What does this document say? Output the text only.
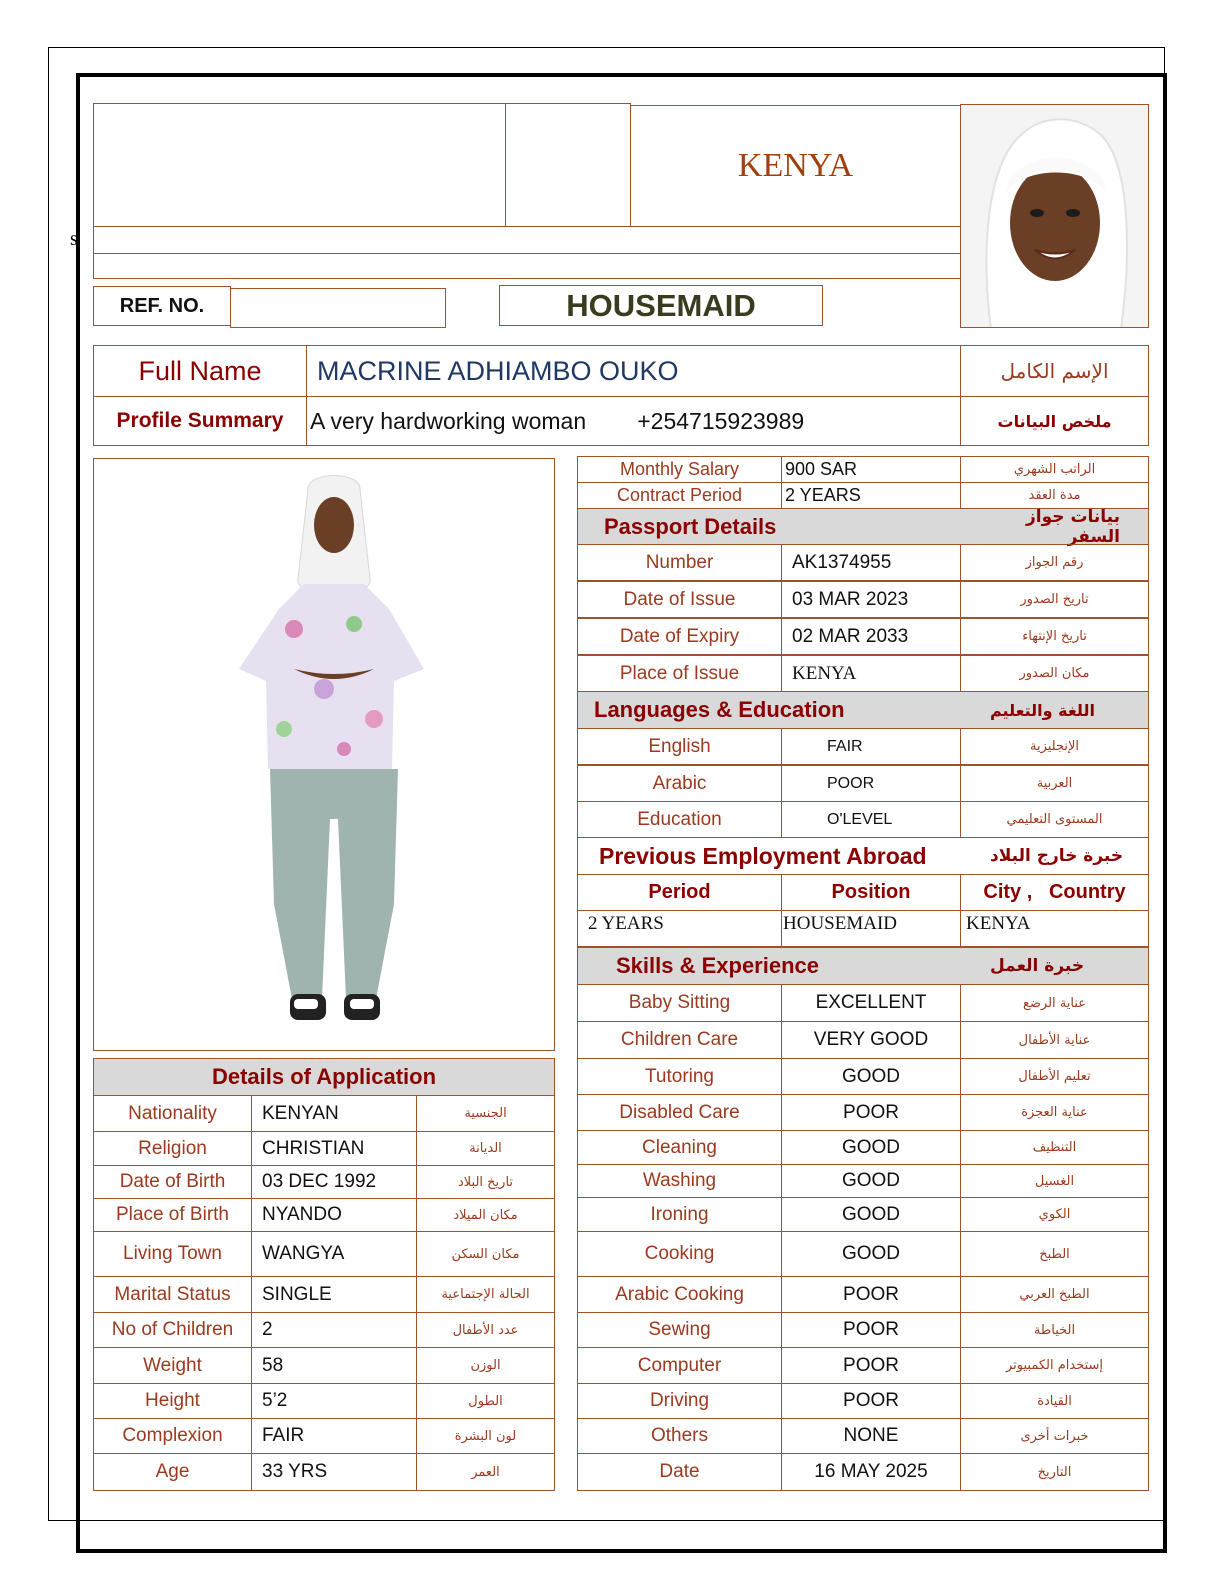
s
KENYA
REF. NO.	HOUSEMAID
Full Name	MACRINE ADHIAMBO OUKO	الإسم الكامل
Profile Summary	A very hardworking woman        +254715923989	ملخص البيانات
Monthly Salary	900 SAR	الراتب الشهري
Contract Period	2 YEARS	مدة العقد
Passport Details	بيانات جواز السفر
Number	AK1374955	رقم الجواز
Date of Issue	03 MAR 2023	تاريخ الصدور
Date of Expiry	02 MAR 2033	تاريخ الإنتهاء
Place of Issue	KENYA	مكان الصدور
Languages & Education	اللغة والتعليم
English	FAIR	الإنجليزية
Arabic	POOR	العربية
Education	O'LEVEL	المستوى التعليمي
Previous Employment Abroad	خبرة خارج البلاد
Period	Position	City ,   Country
2 YEARS	HOUSEMAID	KENYA
Skills & Experience	خبرة العمل
Baby Sitting	EXCELLENT	عناية الرضع
Children Care	VERY GOOD	عناية الأطفال
Tutoring	GOOD	تعليم الأطفال
Disabled Care	POOR	عناية العجزة
Cleaning	GOOD	التنظيف
Washing	GOOD	الغسيل
Ironing	GOOD	الكوي
Cooking	GOOD	الطبخ
Arabic Cooking	POOR	الطبخ العربي
Sewing	POOR	الخياطة
Computer	POOR	إستخدام الكمبيوتر
Driving	POOR	القيادة
Others	NONE	خبرات أخرى
Date	16 MAY 2025	التاريخ
Details of Application
Nationality	KENYAN	الجنسية
Religion	CHRISTIAN	الديانة
Date of Birth	03 DEC 1992	تاريخ البلاد
Place of Birth	NYANDO	مكان الميلاد
Living Town	WANGYA	مكان السكن
Marital Status	SINGLE	الحالة الإجتماعية
No of Children	2	عدد الأطفال
Weight	58	الوزن
Height	5’2	الطول
Complexion	FAIR	لون البشرة
Age	33 YRS	العمر
